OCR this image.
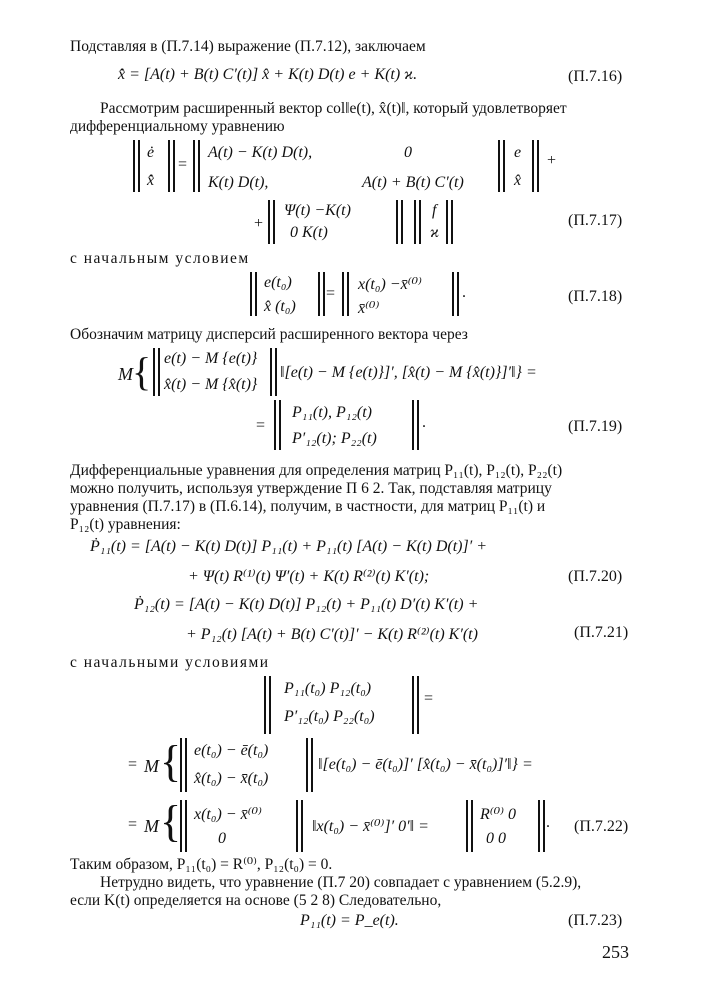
Подставляя в (П.7.14) выражение (П.7.12), заключаем
x̂̇ = [A(t) + B(t) C′(t)] x̂ + K(t) D(t) e + K(t) ϰ.	(П.7.16)
Рассмотрим расширенный вектор col‖e(t), x̂(t)‖, который удовлетворяет
дифференциальному уравнению
ė
x̂̇
=
A(t) − K(t) D(t),	0
K(t) D(t),	A(t) + B(t) C′(t)
e
x̂
+
+
Ψ(t) −K(t)
0 K(t)
f
ϰ
(П.7.17)
с начальным условием
e(t₀)
x̂ (t₀)
=
x(t₀) −x̄⁽⁰⁾
x̄⁽⁰⁾
.	(П.7.18)
Обозначим матрицу дисперсий расширенного вектора через
M { e(t) − M {e(t)}
x̂(t) − M {x̂(t)}
‖[e(t) − M {e(t)}]′, [x̂(t) − M {x̂(t)}]′‖} =
=
P₁₁(t), P₁₂(t)
P′₁₂(t); P₂₂(t)
.	(П.7.19)
Дифференциальные уравнения для определения матриц P₁₁(t), P₁₂(t), P₂₂(t)
можно получить, используя утверждение П 6 2. Так, подставляя матрицу
уравнения (П.7.17) в (П.6.14), получим, в частности, для матриц P₁₁(t) и
P₁₂(t) уравнения:
Ṗ₁₁(t) = [A(t) − K(t) D(t)] P₁₁(t) + P₁₁(t) [A(t) − K(t) D(t)]′ +
+ Ψ(t) R⁽¹⁾(t) Ψ′(t) + K(t) R⁽²⁾(t) K′(t);	(П.7.20)
Ṗ₁₂(t) = [A(t) − K(t) D(t)] P₁₂(t) + P₁₁(t) D′(t) K′(t) +
+ P₁₂(t) [A(t) + B(t) C′(t)]′ − K(t) R⁽²⁾(t) K′(t)	(П.7.21)
с начальными условиями
P₁₁(t₀) P₁₂(t₀)
P′₁₂(t₀) P₂₂(t₀)
=
= M { e(t₀) − ē(t₀)
x̂(t₀) − x̄̄(t₀)
‖[e(t₀) − ē(t₀)]′ [x̂(t₀) − x̄̄(t₀)]′‖} =
= M { x(t₀) − x̄⁽⁰⁾
0
‖x(t₀) − x̄⁽⁰⁾]′ 0′‖ =
R⁽⁰⁾ 0
0 0
. (П.7.22)
Таким образом, P₁₁(t₀) = R⁽⁰⁾, P₁₂(t₀) = 0.
Нетрудно видеть, что уравнение (П.7 20) совпадает с уравнением (5.2.9),
если K(t) определяется на основе (5 2 8) Следовательно,
P₁₁(t) = P_e(t).	(П.7.23)
253
